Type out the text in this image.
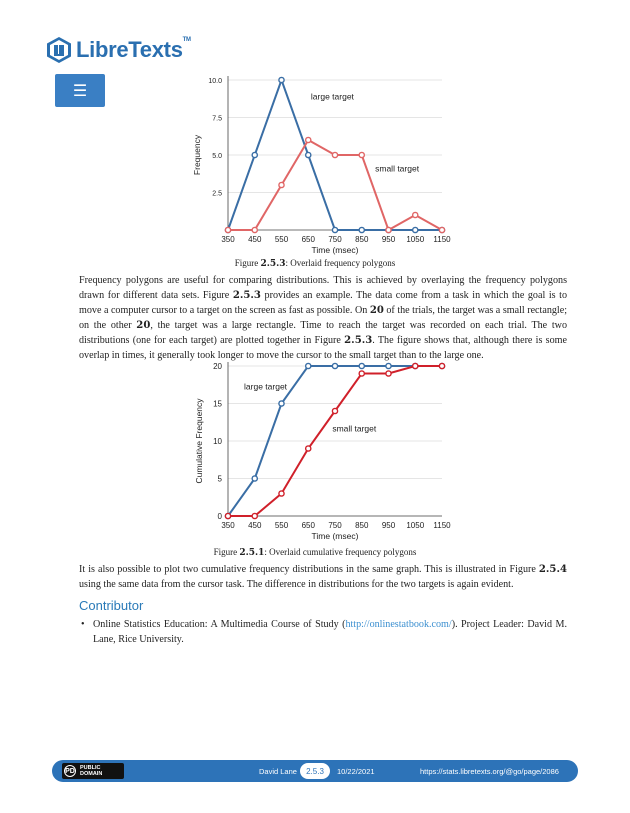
LibreTexts™
☰	10.0
7.5
5.0
2.5
350 450 550 650 750 850 950 1050 1150
Time (msec)
Frequency
large target
small target
Figure 2.5.3: Overlaid frequency polygons
Frequency polygons are useful for comparing distributions. This is achieved by overlaying the frequency polygons drawn for different data sets. Figure 2.5.3 provides an example. The data come from a task in which the goal is to move a computer cursor to a target on the screen as fast as possible. On 20 of the trials, the target was a small rectangle; on the other 20, the target was a large rectangle. Time to reach the target was recorded on each trial. The two distributions (one for each target) are plotted together in Figure 2.5.3. The figure shows that, although there is some overlap in times, it generally took longer to move the cursor to the small target than to the large one.
20
15
10
5
0
350 450 550 650 750 850 950 1050 1150
Time (msec)
Cumulative Frequency
large target
small target
Figure 2.5.1: Overlaid cumulative frequency polygons
It is also possible to plot two cumulative frequency distributions in the same graph. This is illustrated in Figure 2.5.4 using the same data from the cursor task. The difference in distributions for the two targets is again evident.
Contributor
• Online Statistics Education: A Multimedia Course of Study (http://onlinestatbook.com/). Project Leader: David M. Lane, Rice University.
PD PUBLIC
DOMAIN	David Lane	2.5.3	10/22/2021	https://stats.libretexts.org/@go/page/2086
